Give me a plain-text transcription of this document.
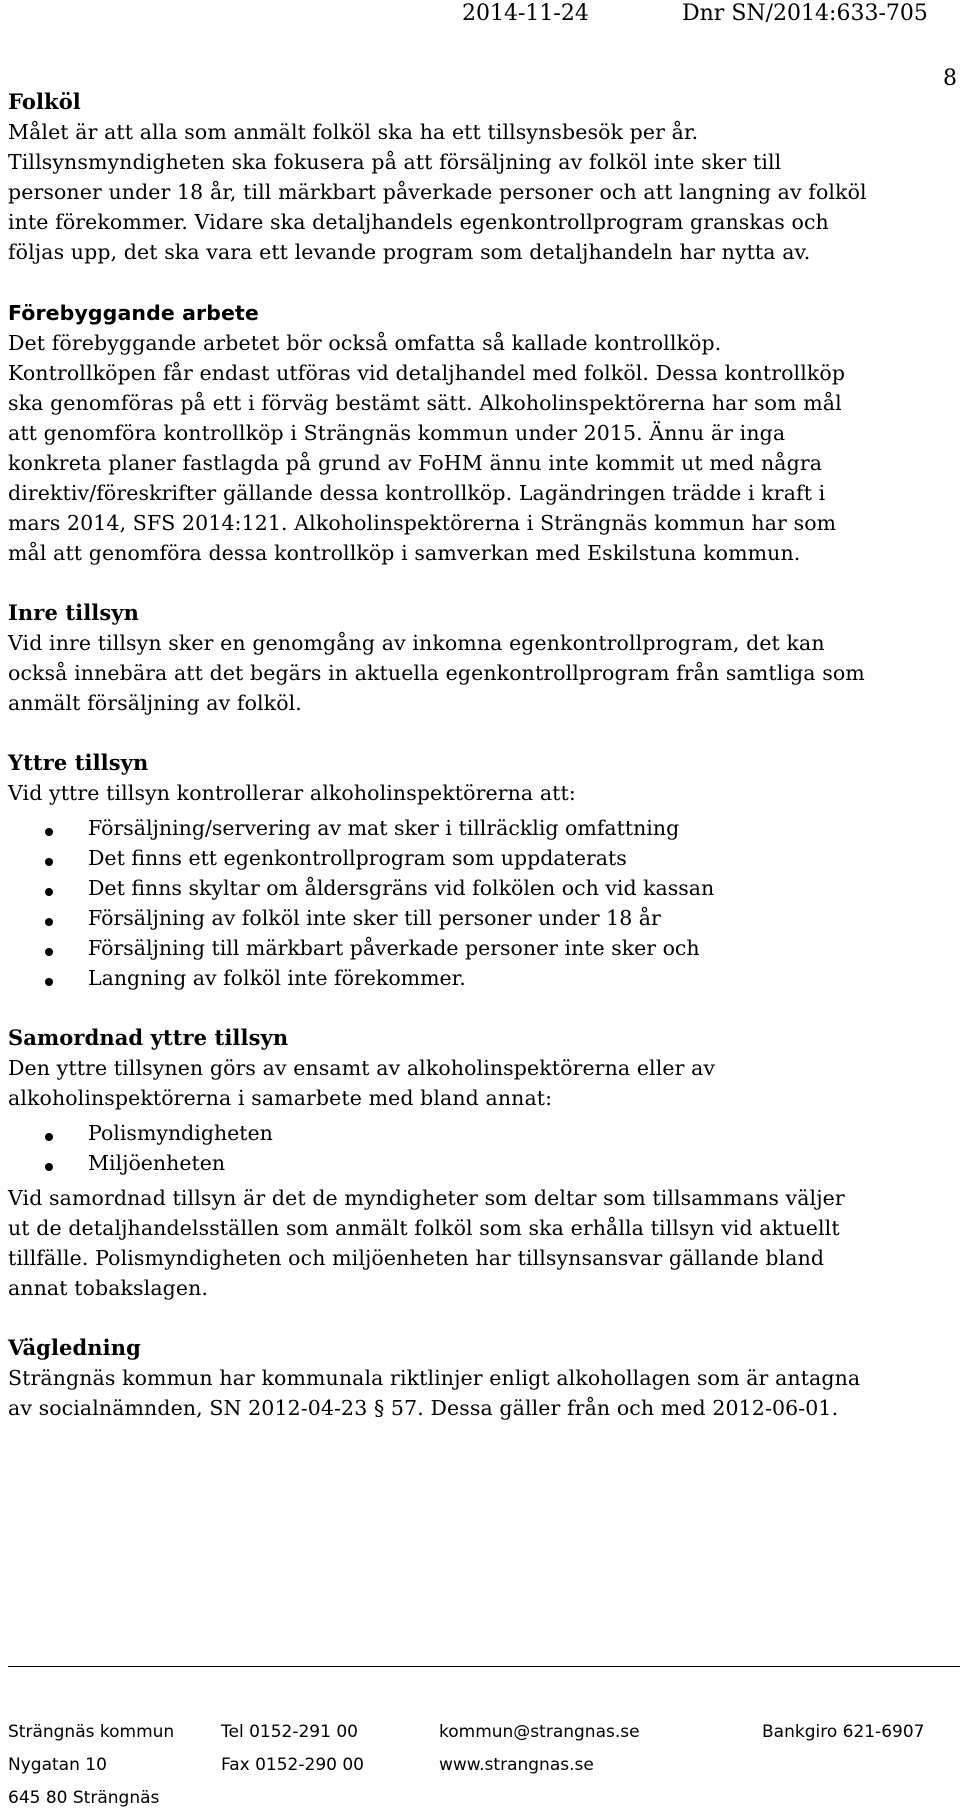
2014-11-24	Dnr SN/2014:633-705
8
Folköl
Målet är att alla som anmält folköl ska ha ett tillsynsbesök per år.
Tillsynsmyndigheten ska fokusera på att försäljning av folköl inte sker till
personer under 18 år, till märkbart påverkade personer och att langning av folköl
inte förekommer. Vidare ska detaljhandels egenkontrollprogram granskas och
följas upp, det ska vara ett levande program som detaljhandeln har nytta av.
Förebyggande arbete
Det förebyggande arbetet bör också omfatta så kallade kontrollköp.
Kontrollköpen får endast utföras vid detaljhandel med folköl. Dessa kontrollköp
ska genomföras på ett i förväg bestämt sätt. Alkoholinspektörerna har som mål
att genomföra kontrollköp i Strängnäs kommun under 2015. Ännu är inga
konkreta planer fastlagda på grund av FoHM ännu inte kommit ut med några
direktiv/föreskrifter gällande dessa kontrollköp. Lagändringen trädde i kraft i
mars 2014, SFS 2014:121. Alkoholinspektörerna i Strängnäs kommun har som
mål att genomföra dessa kontrollköp i samverkan med Eskilstuna kommun.
Inre tillsyn
Vid inre tillsyn sker en genomgång av inkomna egenkontrollprogram, det kan
också innebära att det begärs in aktuella egenkontrollprogram från samtliga som
anmält försäljning av folköl.
Yttre tillsyn
Vid yttre tillsyn kontrollerar alkoholinspektörerna att:
Försäljning/servering av mat sker i tillräcklig omfattning
Det finns ett egenkontrollprogram som uppdaterats
Det finns skyltar om åldersgräns vid folkölen och vid kassan
Försäljning av folköl inte sker till personer under 18 år
Försäljning till märkbart påverkade personer inte sker och
Langning av folköl inte förekommer.
Samordnad yttre tillsyn
Den yttre tillsynen görs av ensamt av alkoholinspektörerna eller av
alkoholinspektörerna i samarbete med bland annat:
Polismyndigheten
Miljöenheten
Vid samordnad tillsyn är det de myndigheter som deltar som tillsammans väljer
ut de detaljhandelsställen som anmält folköl som ska erhålla tillsyn vid aktuellt
tillfälle. Polismyndigheten och miljöenheten har tillsynsansvar gällande bland
annat tobakslagen.
Vägledning
Strängnäs kommun har kommunala riktlinjer enligt alkohollagen som är antagna
av socialnämnden, SN 2012-04-23 § 57. Dessa gäller från och med 2012-06-01.
Strängnäs kommun
Nygatan 10
645 80 Strängnäs
Tel 0152-291 00
Fax 0152-290 00
kommun@strangnas.se
www.strangnas.se
Bankgiro 621-6907
